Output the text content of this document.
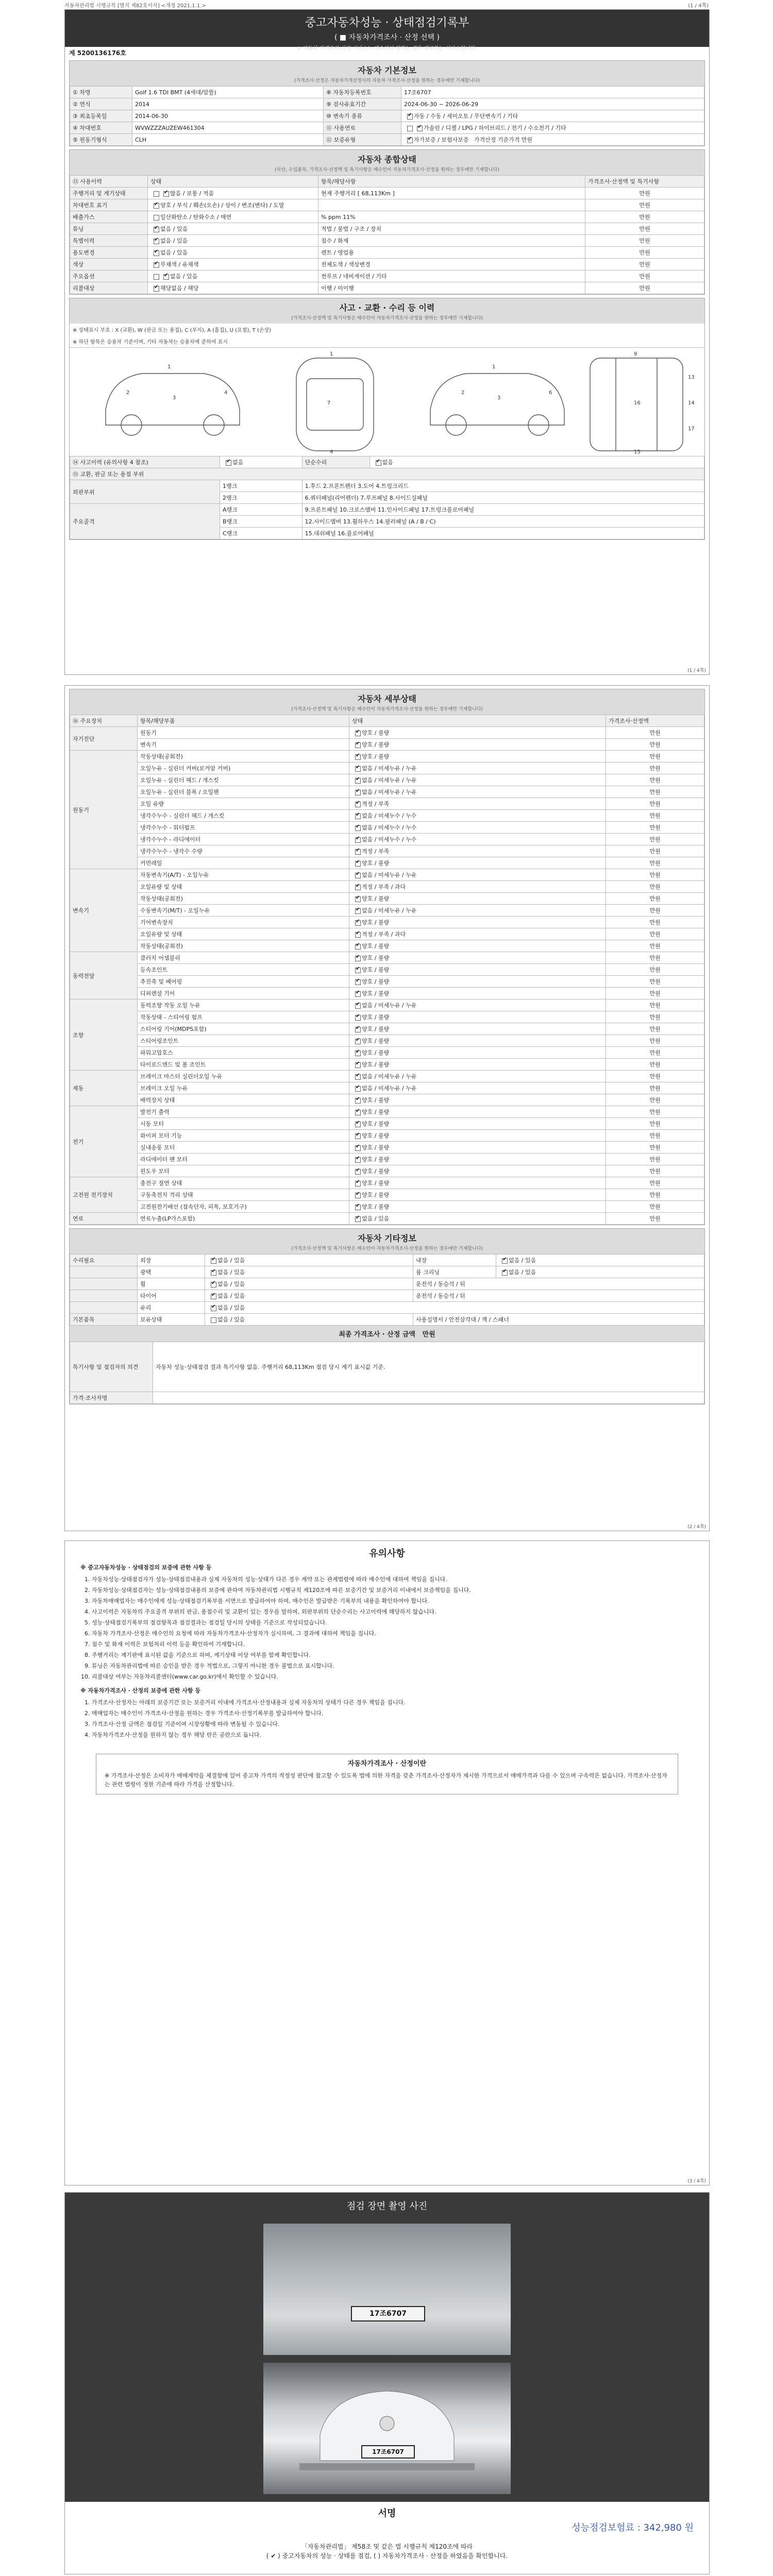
자동차관리법 시행규칙 [별지 제82호서식] <개정 2021.1.1.>	(1 / 4쪽)
중고자동차성능 · 상태점검기록부
( ■ 자동차가격조사 · 산정 선택 )
※ 자동차 가격조사·산정 서비스는 매수인이 원하는 경우 제공하는 서비스입니다.
제 5200136176호
자동차 기본정보
(가격조사·산정은 자동차가격산정사의 자동차 가격조사·산정을 원하는 경우에만 기재합니다)
① 차명	Golf 1.6 TDI BMT (4세대/알뜰)	⑧ 자동차등록번호	17조6707
② 연식	2014	⑨ 검사유효기간	2024-06-30 ~ 2026-06-29
③ 최초등록일	2014-06-30	⑩ 변속기 종류	✔자동 / 수동 / 세미오토 / 무단변속기 / 기타
④ 차대번호	WVWZZZAUZEW461304	⑪ 사용연료	✔가솔린 / 디젤 / LPG / 하이브리드 / 전기 / 수소전기 / 기타
⑤ 원동기형식	CLH	⑫ 보증유형	✔자가보증 / 보험사보증 가격산정 기준가격 만원
자동차 종합상태
(국산, 수입품목, 가격조사·산정액 및 특기사항은 매수인이 자동차가격조사·산정을 원하는 경우에만 기재합니다)
⑬ 사용이력	상태	항목/해당사항	가격조사·산정액 및 특기사항
주행거리 및 계기상태	✔많음 / 보통 / 적음	현재 주행거리 [ 68,113Km ]	만원
차대번호 표기	✔양호 / 부식 / 훼손(오손) / 상이 / 변조(변타) / 도말		만원
배출가스	일산화탄소 / 탄화수소 / 매연	% ppm 11%	만원
튜닝	✔없음 / 있음	적법 / 불법 / 구조 / 장치	만원
특별이력	✔없음 / 있음	침수 / 화재	만원
용도변경	✔없음 / 있음	렌트 / 영업용	만원
색상	✔무채색 / 유채색	전체도색 / 색상변경	만원
주요옵션	✔없음 / 있음	썬루프 / 네비게이션 / 기타	만원
리콜대상	✔해당없음 / 해당	이행 / 미이행	만원
사고 · 교환 · 수리 등 이력
(가격조사·산정액 및 특기사항은 매수인이 자동차가격조사·산정을 원하는 경우에만 기재합니다)
※ 상태표시 부호 : X (교환), W (판금 또는 용접), C (부식), A (흠집), U (요철), T (손상)
※ 하단 항목은 승용차 기준이며, 기타 자동차는 승용차에 준하여 표시
1
2
3
4
1
7
4
1
2
3
6
9
13
14
17
16
15
⑭ 사고이력 (유의사항 4 참조)	✔없음	단순수리	✔없음
⑮ 교환, 판금 또는 용접 부위			
외판부위	1랭크	1.후드 2.프론트펜더 3.도어 4.트렁크리드	
	2랭크	6.쿼터패널(리어펜더) 7.루프패널 8.사이드실패널	
주요골격	A랭크	9.프론트패널 10.크로스멤버 11.인사이드패널 17.트렁크플로어패널	
	B랭크	12.사이드멤버 13.휠하우스 14.필러패널 (A / B / C)	
	C랭크	15.대쉬패널 16.플로어패널	
(1 / 4쪽)
자동차 세부상태
(가격조사·산정액 및 특기사항은 매수인이 자동차가격조사·산정을 원하는 경우에만 기재합니다)
⑯ 주요장치	항목/해당부품	상태	가격조사·산정액
자기진단	원동기	✔양호 / 불량	만원
	변속기	✔양호 / 불량	만원
원동기	작동상태(공회전)	✔양호 / 불량	만원
	오일누유 - 실린더 커버(로커암 커버)	✔없음 / 미세누유 / 누유	만원
	오일누유 - 실린더 헤드 / 개스킷	✔없음 / 미세누유 / 누유	만원
	오일누유 - 실린더 블록 / 오일팬	✔없음 / 미세누유 / 누유	만원
	오일 유량	✔적정 / 부족	만원
	냉각수누수 - 실린더 헤드 / 개스킷	✔없음 / 미세누수 / 누수	만원
	냉각수누수 - 워터펌프	✔없음 / 미세누수 / 누수	만원
	냉각수누수 - 라디에이터	✔없음 / 미세누수 / 누수	만원
	냉각수누수 - 냉각수 수량	✔적정 / 부족	만원
	커먼레일	✔양호 / 불량	만원
변속기	자동변속기(A/T) - 오일누유	✔없음 / 미세누유 / 누유	만원
	오일유량 및 상태	✔적정 / 부족 / 과다	만원
	작동상태(공회전)	✔양호 / 불량	만원
	수동변속기(M/T) - 오일누유	✔없음 / 미세누유 / 누유	만원
	기어변속장치	✔양호 / 불량	만원
	오일유량 및 상태	✔적정 / 부족 / 과다	만원
	작동상태(공회전)	✔양호 / 불량	만원
동력전달	클러치 어셈블리	✔양호 / 불량	만원
	등속조인트	✔양호 / 불량	만원
	추진축 및 베어링	✔양호 / 불량	만원
	디퍼렌셜 기어	✔양호 / 불량	만원
조향	동력조향 작동 오일 누유	✔없음 / 미세누유 / 누유	만원
	작동상태 - 스티어링 펌프	✔양호 / 불량	만원
	스티어링 기어(MDPS포함)	✔양호 / 불량	만원
	스티어링조인트	✔양호 / 불량	만원
	파워고압호스	✔양호 / 불량	만원
	타이로드엔드 및 볼 조인트	✔양호 / 불량	만원
제동	브레이크 마스터 실린더오일 누유	✔없음 / 미세누유 / 누유	만원
	브레이크 오일 누유	✔없음 / 미세누유 / 누유	만원
	배력장치 상태	✔양호 / 불량	만원
전기	발전기 출력	✔양호 / 불량	만원
	시동 모터	✔양호 / 불량	만원
	와이퍼 모터 기능	✔양호 / 불량	만원
	실내송풍 모터	✔양호 / 불량	만원
	라디에이터 팬 모터	✔양호 / 불량	만원
	윈도우 모터	✔양호 / 불량	만원
고전원 전기장치	충전구 절연 상태	✔양호 / 불량	만원
	구동축전지 격리 상태	✔양호 / 불량	만원
	고전원전기배선 (접속단자, 피복, 보호기구)	✔양호 / 불량	만원
연료	연료누출(LP가스포함)	✔없음 / 있음	만원
자동차 기타정보
(가격조사·산정액 및 특기사항은 매수인이 자동차가격조사·산정을 원하는 경우에만 기재합니다)
수리필요	외장	✔없음 / 있음	내장	✔없음 / 있음
	광택	✔없음 / 있음	룸 크리닝	✔없음 / 있음
	휠	✔없음 / 있음	운전석 / 동승석 / 뒤	
	타이어	✔없음 / 있음	운전석 / 동승석 / 뒤	
	유리	✔없음 / 있음
기본품목	보유상태	없음 / 있음	사용설명서 / 안전삼각대 / 잭 / 스패너	
최종 가격조사 · 산정 금액 만원
특기사항 및 점검자의 의견	자동차 성능·상태점검 결과 특기사항 없음. 주행거리 68,113Km 점검 당시 계기 표시값 기준.
가격·조사자명	
(2 / 4쪽)
유의사항
※ 중고자동차성능 · 상태점검의 보증에 관한 사항 등
1. 자동차성능·상태점검자가 성능·상태점검내용과 실제 자동차의 성능·상태가 다른 경우 계약 또는 관계법령에 따라 매수인에 대하여 책임을 집니다.
2. 자동차성능·상태점검자는 성능·상태점검내용의 보증에 관하여 자동차관리법 시행규칙 제120조에 따른 보증기간 및 보증거리 이내에서 보증책임을 집니다.
3. 자동차매매업자는 매수인에게 성능·상태점검기록부를 서면으로 발급하여야 하며, 매수인은 발급받은 기록부의 내용을 확인하여야 합니다.
4. 사고이력은 자동차의 주요골격 부위의 판금, 용접수리 및 교환이 있는 경우를 말하며, 외판부위의 단순수리는 사고이력에 해당하지 않습니다.
5. 성능·상태점검기록부의 점검항목과 점검결과는 점검일 당시의 상태를 기준으로 작성되었습니다.
6. 자동차 가격조사·산정은 매수인의 요청에 따라 자동차가격조사·산정자가 실시하며, 그 결과에 대하여 책임을 집니다.
7. 침수 및 화재 이력은 보험처리 이력 등을 확인하여 기재합니다.
8. 주행거리는 계기판에 표시된 값을 기준으로 하며, 계기상태 이상 여부를 함께 확인합니다.
9. 튜닝은 자동차관리법에 따른 승인을 받은 경우 적법으로, 그렇지 아니한 경우 불법으로 표시합니다.
10. 리콜대상 여부는 자동차리콜센터(www.car.go.kr)에서 확인할 수 있습니다.
※ 자동차가격조사 · 산정의 보증에 관한 사항 등
1. 가격조사·산정자는 아래의 보증기간 또는 보증거리 이내에 가격조사·산정내용과 실제 자동차의 상태가 다른 경우 책임을 집니다.
2. 매매업자는 매수인이 가격조사·산정을 원하는 경우 가격조사·산정기록부를 발급하여야 합니다.
3. 가격조사·산정 금액은 점검일 기준이며 시장상황에 따라 변동될 수 있습니다.
4. 자동차가격조사·산정을 원하지 않는 경우 해당 란은 공란으로 둡니다.
자동차가격조사 · 산정이란
※ 가격조사·산정은 소비자가 매매계약을 체결함에 있어 중고차 가격의 적정성 판단에 참고할 수 있도록 법에 의한 자격을 갖춘 가격조사·산정자가 제시한 가격으로서 매매가격과 다를 수 있으며 구속력은 없습니다. 가격조사·산정자는 관련 법령이 정한 기준에 따라 가격을 산정합니다.
(3 / 4쪽)
점검 장면 촬영 사진
17조6707
17조6707
서명
성능점검보험료 : 342,980 원
「자동차관리법」 제58조 및 같은 법 시행규칙 제120조에 따라
( ✔ ) 중고자동차의 성능 · 상태를 점검, ( ) 자동차가격조사 · 산정을 하였음을 확인합니다.
